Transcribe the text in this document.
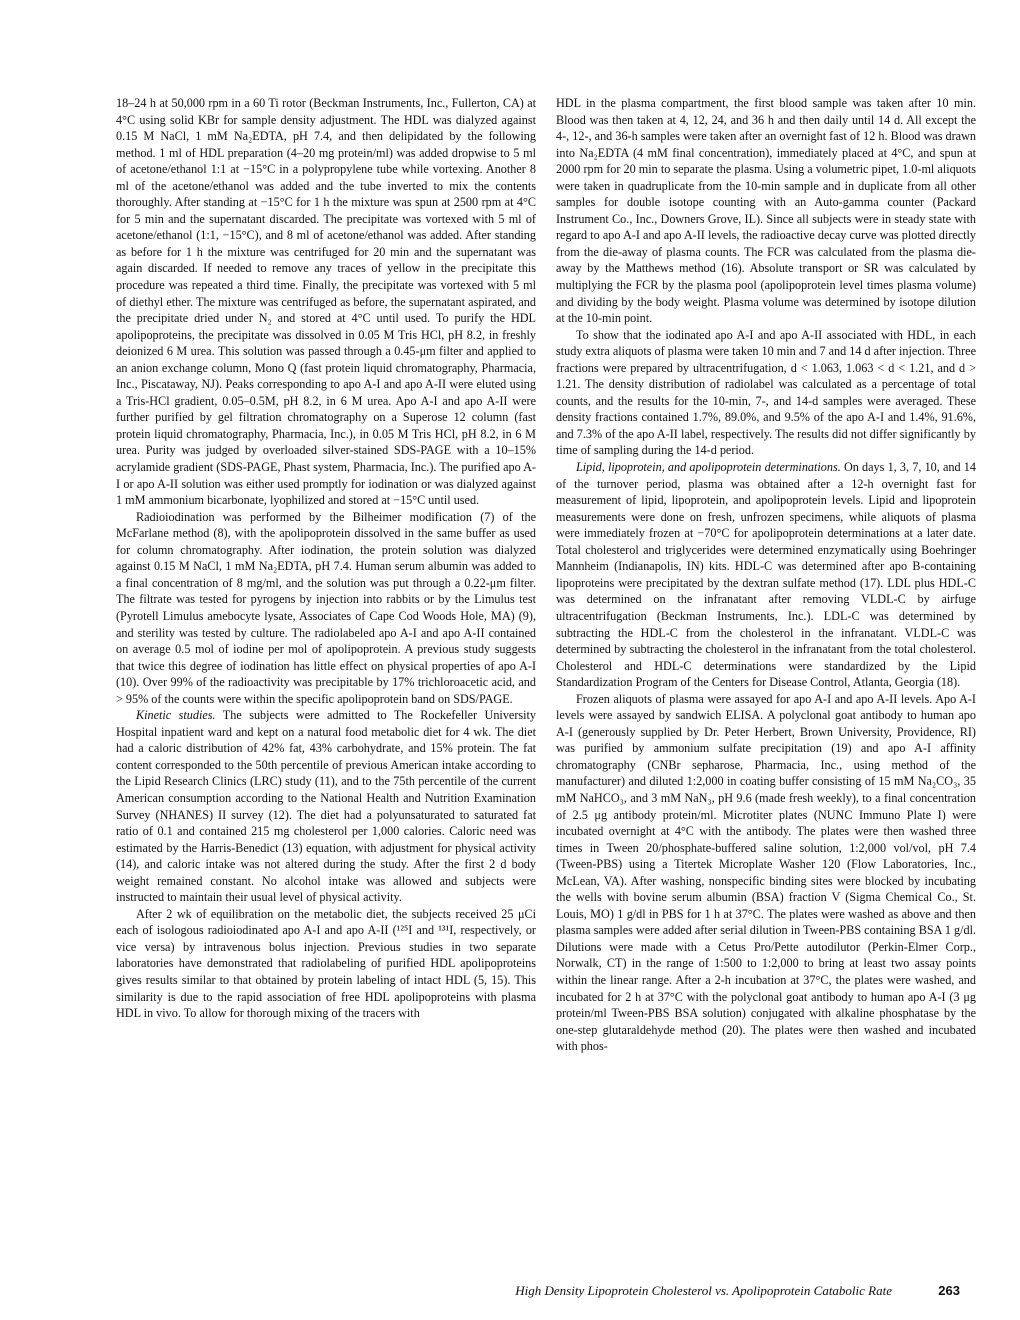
18–24 h at 50,000 rpm in a 60 Ti rotor (Beckman Instruments, Inc., Fullerton, CA) at 4°C using solid KBr for sample density adjustment. The HDL was dialyzed against 0.15 M NaCl, 1 mM Na₂EDTA, pH 7.4, and then delipidated by the following method. 1 ml of HDL preparation (4–20 mg protein/ml) was added dropwise to 5 ml of acetone/ethanol 1:1 at −15°C in a polypropylene tube while vortexing. Another 8 ml of the acetone/ethanol was added and the tube inverted to mix the contents thoroughly. After standing at −15°C for 1 h the mixture was spun at 2500 rpm at 4°C for 5 min and the supernatant discarded. The precipitate was vortexed with 5 ml of acetone/ethanol (1:1, −15°C), and 8 ml of acetone/ethanol was added. After standing as before for 1 h the mixture was centrifuged for 20 min and the supernatant was again discarded. If needed to remove any traces of yellow in the precipitate this procedure was repeated a third time. Finally, the precipitate was vortexed with 5 ml of diethyl ether. The mixture was centrifuged as before, the supernatant aspirated, and the precipitate dried under N₂ and stored at 4°C until used. To purify the HDL apolipoproteins, the precipitate was dissolved in 0.05 M Tris HCl, pH 8.2, in freshly deionized 6 M urea. This solution was passed through a 0.45-μm filter and applied to an anion exchange column, Mono Q (fast protein liquid chromatography, Pharmacia, Inc., Piscataway, NJ). Peaks corresponding to apo A-I and apo A-II were eluted using a Tris-HCl gradient, 0.05–0.5M, pH 8.2, in 6 M urea. Apo A-I and apo A-II were further purified by gel filtration chromatography on a Superose 12 column (fast protein liquid chromatography, Pharmacia, Inc.), in 0.05 M Tris HCl, pH 8.2, in 6 M urea. Purity was judged by overloaded silver-stained SDS-PAGE with a 10–15% acrylamide gradient (SDS-PAGE, Phast system, Pharmacia, Inc.). The purified apo A-I or apo A-II solution was either used promptly for iodination or was dialyzed against 1 mM ammonium bicarbonate, lyophilized and stored at −15°C until used.

Radioiodination was performed by the Bilheimer modification (7) of the McFarlane method (8), with the apolipoprotein dissolved in the same buffer as used for column chromatography. After iodination, the protein solution was dialyzed against 0.15 M NaCl, 1 mM Na₂EDTA, pH 7.4. Human serum albumin was added to a final concentration of 8 mg/ml, and the solution was put through a 0.22-μm filter. The filtrate was tested for pyrogens by injection into rabbits or by the Limulus test (Pyrotell Limulus amebocyte lysate, Associates of Cape Cod Woods Hole, MA) (9), and sterility was tested by culture. The radiolabeled apo A-I and apo A-II contained on average 0.5 mol of iodine per mol of apolipoprotein. A previous study suggests that twice this degree of iodination has little effect on physical properties of apo A-I (10). Over 99% of the radioactivity was precipitable by 17% trichloroacetic acid, and > 95% of the counts were within the specific apolipoprotein band on SDS/PAGE.

Kinetic studies. The subjects were admitted to The Rockefeller University Hospital inpatient ward and kept on a natural food metabolic diet for 4 wk. The diet had a caloric distribution of 42% fat, 43% carbohydrate, and 15% protein. The fat content corresponded to the 50th percentile of previous American intake according to the Lipid Research Clinics (LRC) study (11), and to the 75th percentile of the current American consumption according to the National Health and Nutrition Examination Survey (NHANES) II survey (12). The diet had a polyunsaturated to saturated fat ratio of 0.1 and contained 215 mg cholesterol per 1,000 calories. Caloric need was estimated by the Harris-Benedict (13) equation, with adjustment for physical activity (14), and caloric intake was not altered during the study. After the first 2 d body weight remained constant. No alcohol intake was allowed and subjects were instructed to maintain their usual level of physical activity.

After 2 wk of equilibration on the metabolic diet, the subjects received 25 μCi each of isologous radioiodinated apo A-I and apo A-II (¹²⁵I and ¹³¹I, respectively, or vice versa) by intravenous bolus injection. Previous studies in two separate laboratories have demonstrated that radiolabeling of purified HDL apolipoproteins gives results similar to that obtained by protein labeling of intact HDL (5, 15). This similarity is due to the rapid association of free HDL apolipoproteins with plasma HDL in vivo. To allow for thorough mixing of the tracers with

HDL in the plasma compartment, the first blood sample was taken after 10 min. Blood was then taken at 4, 12, 24, and 36 h and then daily until 14 d. All except the 4-, 12-, and 36-h samples were taken after an overnight fast of 12 h. Blood was drawn into Na₂EDTA (4 mM final concentration), immediately placed at 4°C, and spun at 2000 rpm for 20 min to separate the plasma. Using a volumetric pipet, 1.0-ml aliquots were taken in quadruplicate from the 10-min sample and in duplicate from all other samples for double isotope counting with an Auto-gamma counter (Packard Instrument Co., Inc., Downers Grove, IL). Since all subjects were in steady state with regard to apo A-I and apo A-II levels, the radioactive decay curve was plotted directly from the die-away of plasma counts. The FCR was calculated from the plasma die-away by the Matthews method (16). Absolute transport or SR was calculated by multiplying the FCR by the plasma pool (apolipoprotein level times plasma volume) and dividing by the body weight. Plasma volume was determined by isotope dilution at the 10-min point.

To show that the iodinated apo A-I and apo A-II associated with HDL, in each study extra aliquots of plasma were taken 10 min and 7 and 14 d after injection. Three fractions were prepared by ultracentrifugation, d < 1.063, 1.063 < d < 1.21, and d > 1.21. The density distribution of radiolabel was calculated as a percentage of total counts, and the results for the 10-min, 7-, and 14-d samples were averaged. These density fractions contained 1.7%, 89.0%, and 9.5% of the apo A-I and 1.4%, 91.6%, and 7.3% of the apo A-II label, respectively. The results did not differ significantly by time of sampling during the 14-d period.

Lipid, lipoprotein, and apolipoprotein determinations. On days 1, 3, 7, 10, and 14 of the turnover period, plasma was obtained after a 12-h overnight fast for measurement of lipid, lipoprotein, and apolipoprotein levels. Lipid and lipoprotein measurements were done on fresh, unfrozen specimens, while aliquots of plasma were immediately frozen at −70°C for apolipoprotein determinations at a later date. Total cholesterol and triglycerides were determined enzymatically using Boehringer Mannheim (Indianapolis, IN) kits. HDL-C was determined after apo B-containing lipoproteins were precipitated by the dextran sulfate method (17). LDL plus HDL-C was determined on the infranatant after removing VLDL-C by airfuge ultracentrifugation (Beckman Instruments, Inc.). LDL-C was determined by subtracting the HDL-C from the cholesterol in the infranatant. VLDL-C was determined by subtracting the cholesterol in the infranatant from the total cholesterol. Cholesterol and HDL-C determinations were standardized by the Lipid Standardization Program of the Centers for Disease Control, Atlanta, Georgia (18).

Frozen aliquots of plasma were assayed for apo A-I and apo A-II levels. Apo A-I levels were assayed by sandwich ELISA. A polyclonal goat antibody to human apo A-I (generously supplied by Dr. Peter Herbert, Brown University, Providence, RI) was purified by ammonium sulfate precipitation (19) and apo A-I affinity chromatography (CNBr sepharose, Pharmacia, Inc., using method of the manufacturer) and diluted 1:2,000 in coating buffer consisting of 15 mM Na₂CO₃, 35 mM NaHCO₃, and 3 mM NaN₃, pH 9.6 (made fresh weekly), to a final concentration of 2.5 μg antibody protein/ml. Microtiter plates (NUNC Immuno Plate I) were incubated overnight at 4°C with the antibody. The plates were then washed three times in Tween 20/phosphate-buffered saline solution, 1:2,000 vol/vol, pH 7.4 (Tween-PBS) using a Titertek Microplate Washer 120 (Flow Laboratories, Inc., McLean, VA). After washing, nonspecific binding sites were blocked by incubating the wells with bovine serum albumin (BSA) fraction V (Sigma Chemical Co., St. Louis, MO) 1 g/dl in PBS for 1 h at 37°C. The plates were washed as above and then plasma samples were added after serial dilution in Tween-PBS containing BSA 1 g/dl. Dilutions were made with a Cetus Pro/Pette autodilutor (Perkin-Elmer Corp., Norwalk, CT) in the range of 1:500 to 1:2,000 to bring at least two assay points within the linear range. After a 2-h incubation at 37°C, the plates were washed, and incubated for 2 h at 37°C with the polyclonal goat antibody to human apo A-I (3 μg protein/ml Tween-PBS BSA solution) conjugated with alkaline phosphatase by the one-step glutaraldehyde method (20). The plates were then washed and incubated with phos-

High Density Lipoprotein Cholesterol vs. Apolipoprotein Catabolic Rate	263
